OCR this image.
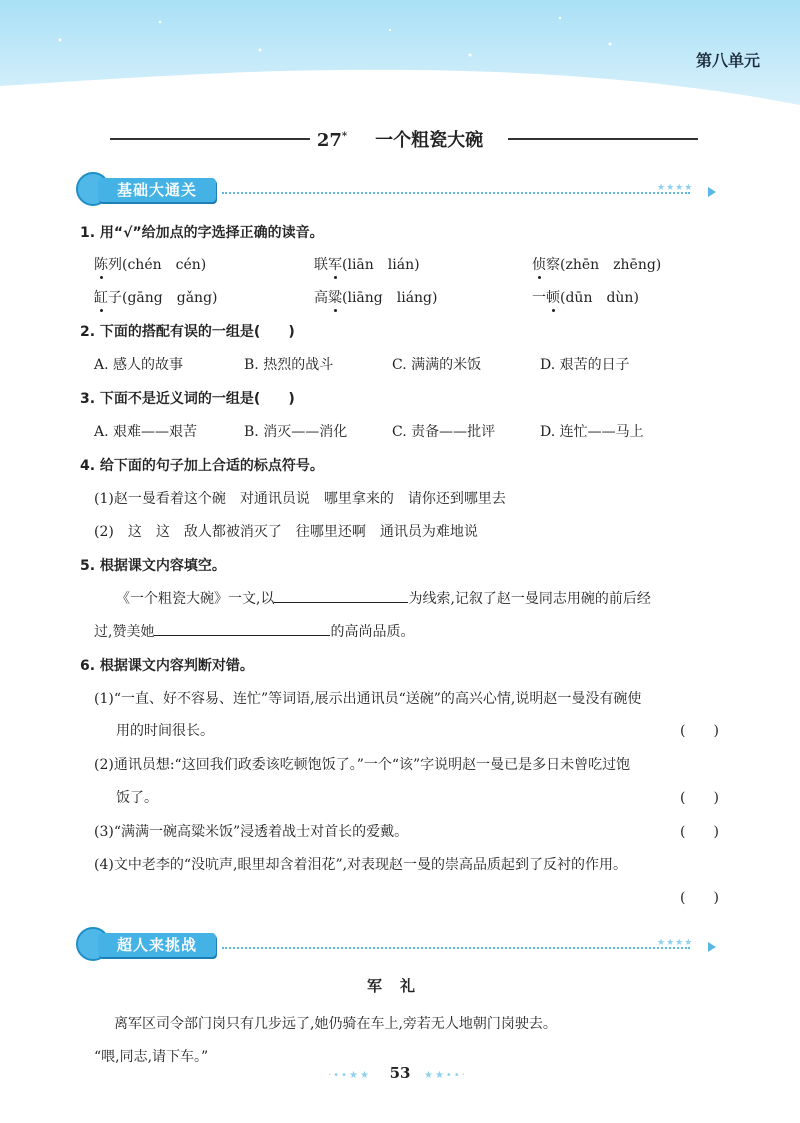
第八单元
27* 一个粗瓷大碗
基础大通关	★★★★
1. 用“√”给加点的字选择正确的读音。
陈列(chén　cén)	联军(liān　lián)	侦察(zhēn　zhēng)
缸子(gāng　gǎng)	高粱(liāng　liáng)	一顿(dūn　dùn)
2. 下面的搭配有误的一组是(　　)
A. 感人的故事	B. 热烈的战斗	C. 满满的米饭	D. 艰苦的日子
3. 下面不是近义词的一组是(　　)
A. 艰难——艰苦	B. 消灭——消化	C. 责备——批评	D. 连忙——马上
4. 给下面的句子加上合适的标点符号。
(1)赵一曼看着这个碗　对通讯员说　哪里拿来的　请你还到哪里去
(2)　这　这　敌人都被消灭了　往哪里还啊　通讯员为难地说
5. 根据课文内容填空。
《一个粗瓷大碗》一文,以	为线索,记叙了赵一曼同志用碗的前后经
过,赞美她	的高尚品质。
6. 根据课文内容判断对错。
(1)“一直、好不容易、连忙”等词语,展示出通讯员“送碗”的高兴心情,说明赵一曼没有碗使
用的时间很长。	(　　)
(2)通讯员想:“这回我们政委该吃顿饱饭了。”一个“该”字说明赵一曼已是多日未曾吃过饱
饭了。	(　　)
(3)“满满一碗高粱米饭”浸透着战士对首长的爱戴。	(　　)
(4)文中老李的“没吭声,眼里却含着泪花”,对表现赵一曼的崇高品质起到了反衬的作用。
(　　)
超人来挑战	★★★★
军礼
离军区司令部门岗只有几步远了,她仍骑在车上,旁若无人地朝门岗驶去。
“喂,同志,请下车。”
·••★★	53	★★••·
